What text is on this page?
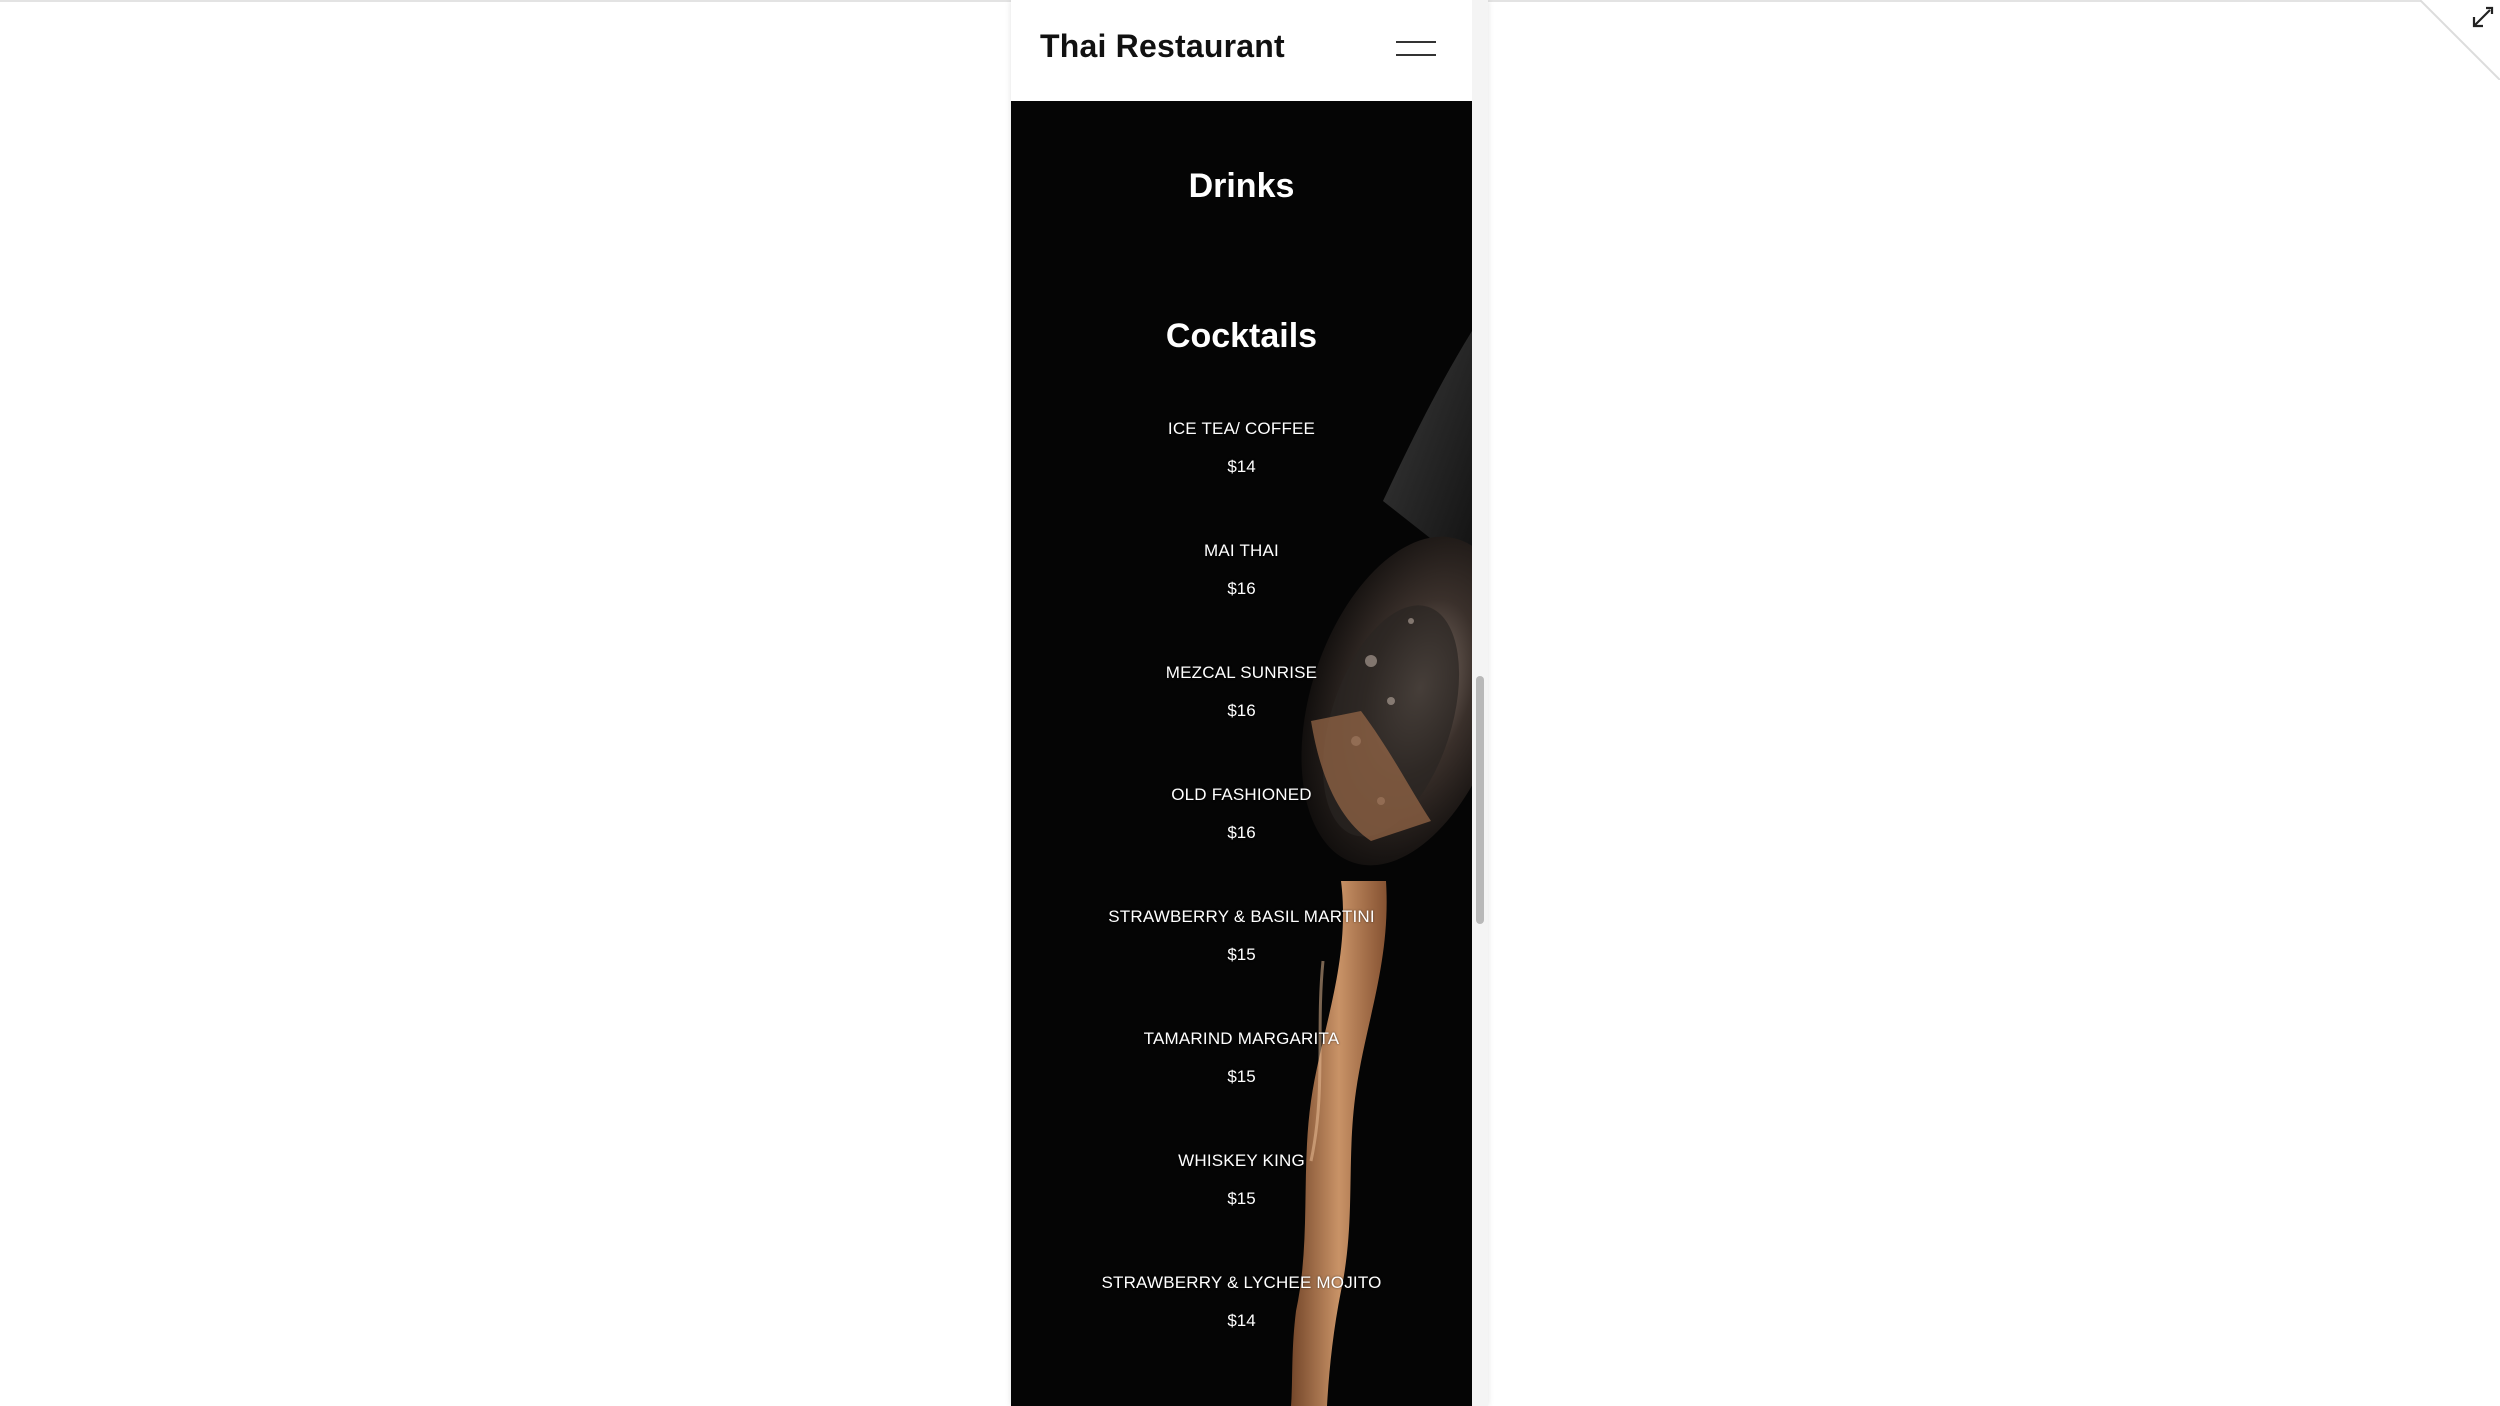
Thai Restaurant
Drinks
Cocktails
ICE TEA/ COFFEE
$14
MAI THAI
$16
MEZCAL SUNRISE
$16
OLD FASHIONED
$16
STRAWBERRY & BASIL MARTINI
$15
TAMARIND MARGARITA
$15
WHISKEY KING
$15
STRAWBERRY & LYCHEE MOJITO
$14
